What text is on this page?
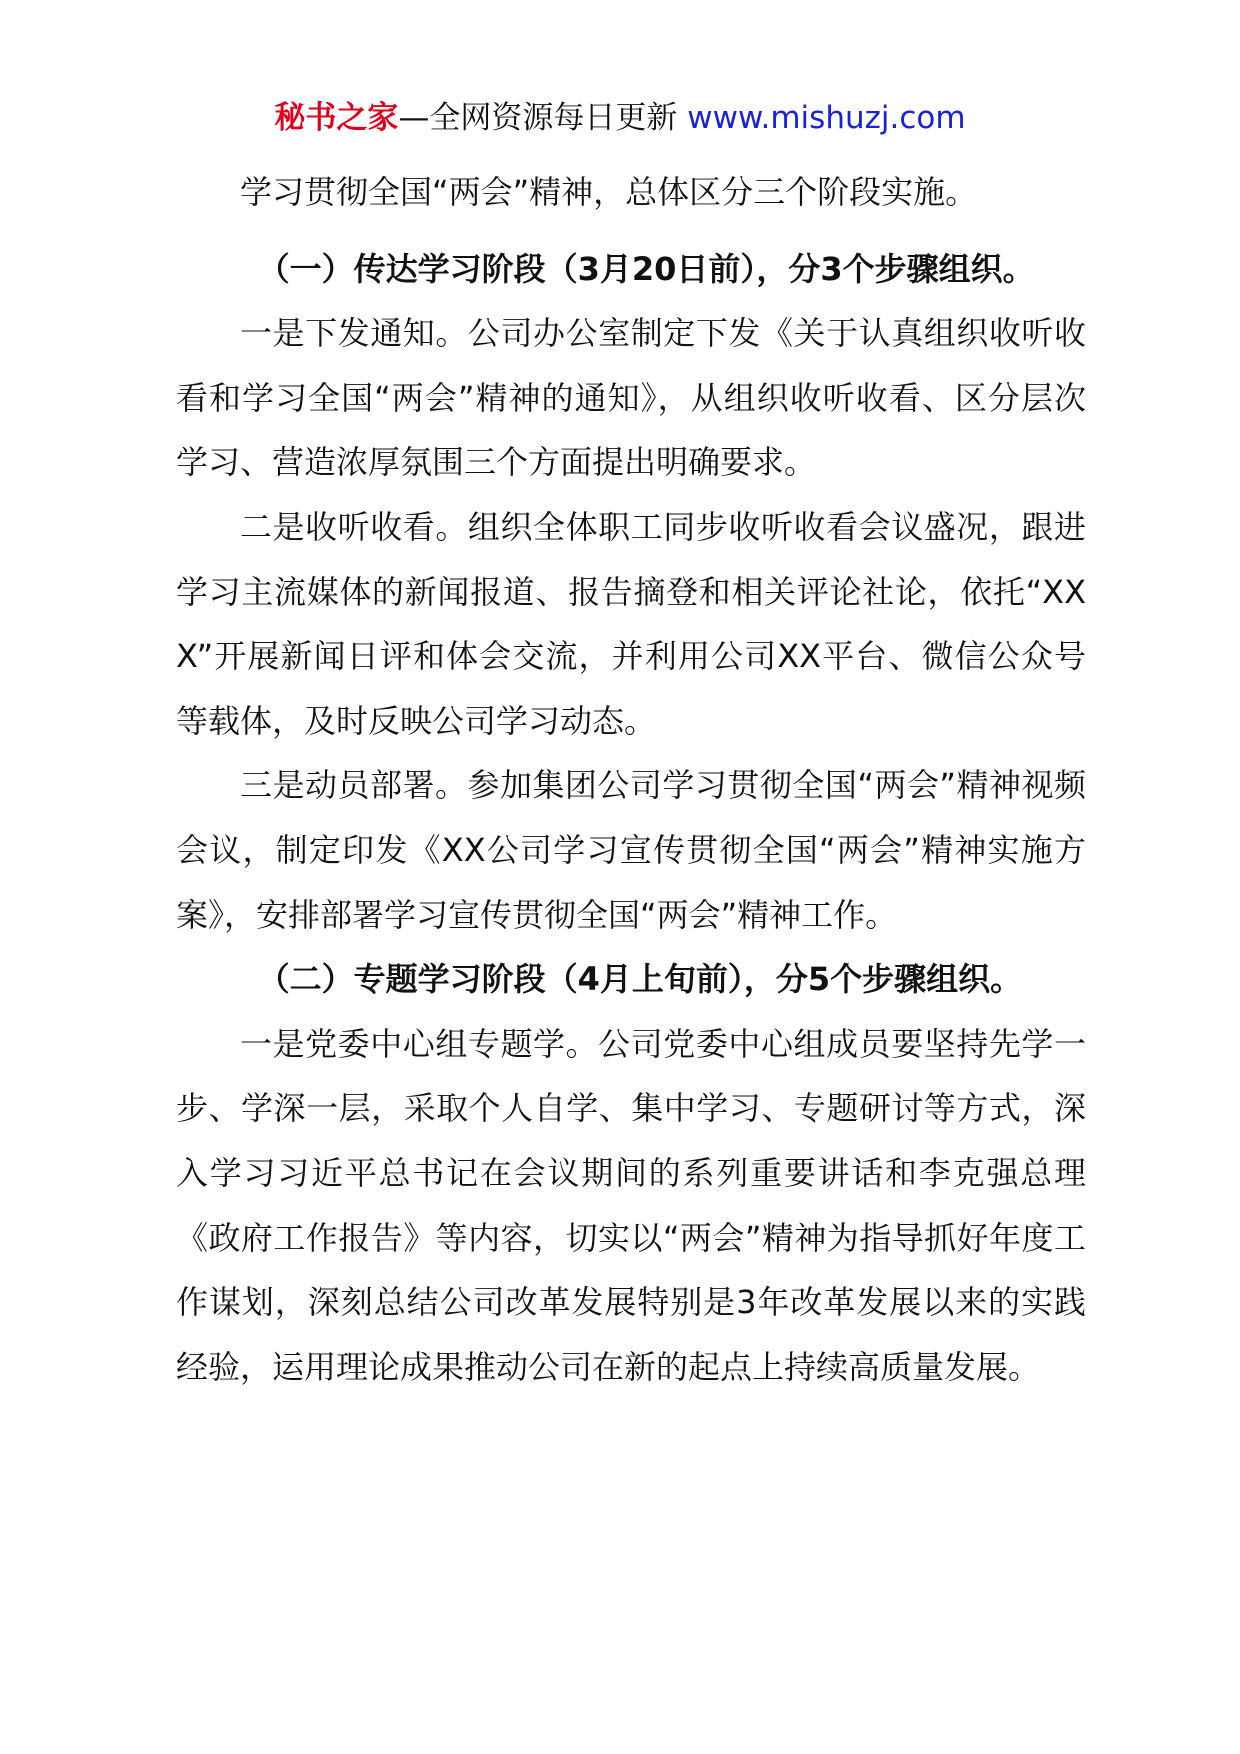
秘书之家—全网资源每日更新 www.mishuzj.com

学习贯彻全国“两会”精神，总体区分三个阶段实施。

（一）传达学习阶段（3月20日前），分3个步骤组织。

一是下发通知。公司办公室制定下发《关于认真组织收听收看和学习全国“两会”精神的通知》，从组织收听收看、区分层次学习、营造浓厚氛围三个方面提出明确要求。

二是收听收看。组织全体职工同步收听收看会议盛况，跟进学习主流媒体的新闻报道、报告摘登和相关评论社论，依托“XXX”开展新闻日评和体会交流，并利用公司XX平台、微信公众号等载体，及时反映公司学习动态。

三是动员部署。参加集团公司学习贯彻全国“两会”精神视频会议，制定印发《XX公司学习宣传贯彻全国“两会”精神实施方案》，安排部署学习宣传贯彻全国“两会”精神工作。

（二）专题学习阶段（4月上旬前），分5个步骤组织。

一是党委中心组专题学。公司党委中心组成员要坚持先学一步、学深一层，采取个人自学、集中学习、专题研讨等方式，深入学习习近平总书记在会议期间的系列重要讲话和李克强总理《政府工作报告》等内容，切实以“两会”精神为指导抓好年度工作谋划，深刻总结公司改革发展特别是3年改革发展以来的实践经验，运用理论成果推动公司在新的起点上持续高质量发展。
